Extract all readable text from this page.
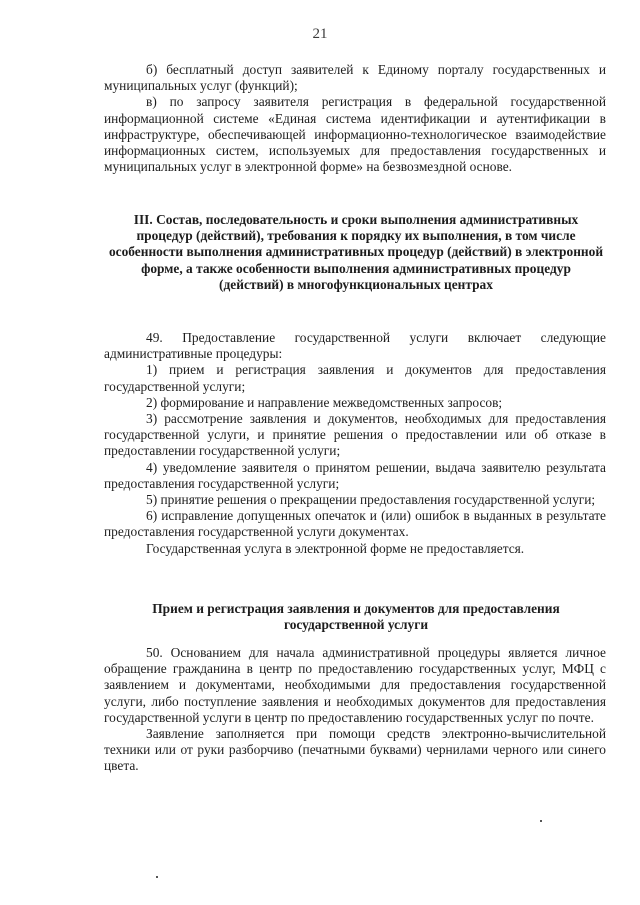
21

б) бесплатный доступ заявителей к Единому порталу государственных и муниципальных услуг (функций);

в) по запросу заявителя регистрация в федеральной государственной информационной системе «Единая система идентификации и аутентификации в инфраструктуре, обеспечивающей информационно-технологическое взаимодействие информационных систем, используемых для предоставления государственных и муниципальных услуг в электронной форме» на безвозмездной основе.

III. Состав, последовательность и сроки выполнения административных процедур (действий), требования к порядку их выполнения, в том числе особенности выполнения административных процедур (действий) в электронной форме, а также особенности выполнения административных процедур (действий) в многофункциональных центрах

49. Предоставление государственной услуги включает следующие административные процедуры:

1) прием и регистрация заявления и документов для предоставления государственной услуги;

2) формирование и направление межведомственных запросов;

3) рассмотрение заявления и документов, необходимых для предоставления государственной услуги, и принятие решения о предоставлении или об отказе в предоставлении государственной услуги;

4) уведомление заявителя о принятом решении, выдача заявителю результата предоставления государственной услуги;

5) принятие решения о прекращении предоставления государственной услуги;

6) исправление допущенных опечаток и (или) ошибок в выданных в результате предоставления государственной услуги документах.

Государственная услуга в электронной форме не предоставляется.

Прием и регистрация заявления и документов для предоставления государственной услуги

50. Основанием для начала административной процедуры является личное обращение гражданина в центр по предоставлению государственных услуг, МФЦ с заявлением и документами, необходимыми для предоставления государственной услуги, либо поступление заявления и необходимых документов для предоставления государственной услуги в центр по предоставлению государственных услуг по почте.

Заявление заполняется при помощи средств электронно-вычислительной техники или от руки разборчиво (печатными буквами) чернилами черного или синего цвета.
